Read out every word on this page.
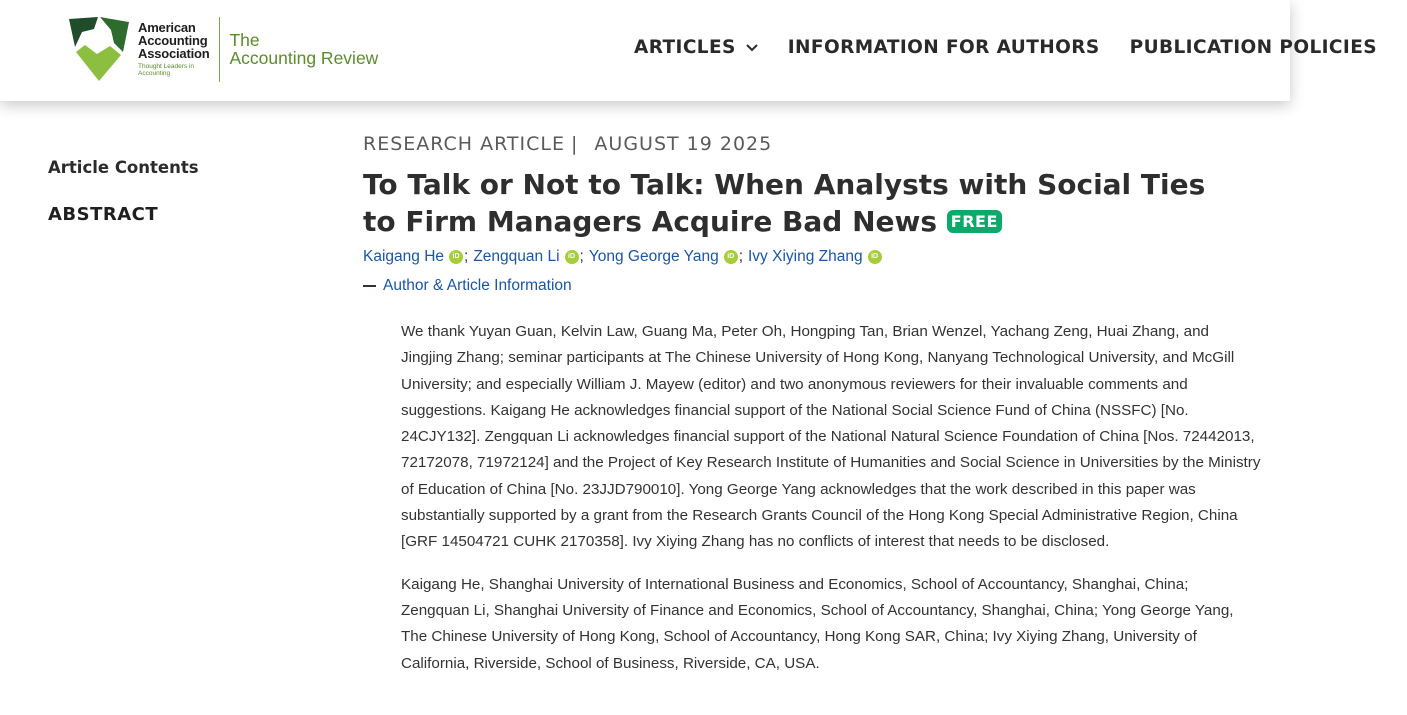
American
Accounting
Association
Thought Leaders in
Accounting
The
Accounting Review	ARTICLES	INFORMATION FOR AUTHORS PUBLICATION POLICIES
Article Contents
ABSTRACT
RESEARCH ARTICLE | AUGUST 19 2025
To Talk or Not to Talk: When Analysts with Social Ties to Firm Managers Acquire Bad News FREE
Kaigang He	iD ; Zengquan Li	iD ; Yong George Yang	iD ; Ivy Xiying Zhang	iD
Author & Article Information

We thank Yuyan Guan, Kelvin Law, Guang Ma, Peter Oh, Hongping Tan, Brian Wenzel, Yachang Zeng, Huai Zhang, and Jingjing Zhang; seminar participants at The Chinese University of Hong Kong, Nanyang Technological University, and McGill University; and especially William J. Mayew (editor) and two anonymous reviewers for their invaluable comments and suggestions. Kaigang He acknowledges financial support of the National Social Science Fund of China (NSSFC) [No. 24CJY132]. Zengquan Li acknowledges financial support of the National Natural Science Foundation of China [Nos. 72442013, 72172078, 71972124] and the Project of Key Research Institute of Humanities and Social Science in Universities by the Ministry of Education of China [No. 23JJD790010]. Yong George Yang acknowledges that the work described in this paper was substantially supported by a grant from the Research Grants Council of the Hong Kong Special Administrative Region, China [GRF 14504721 CUHK 2170358]. Ivy Xiying Zhang has no conflicts of interest that needs to be disclosed.

Kaigang He, Shanghai University of International Business and Economics, School of Accountancy, Shanghai, China; Zengquan Li, Shanghai University of Finance and Economics, School of Accountancy, Shanghai, China; Yong George Yang, The Chinese University of Hong Kong, School of Accountancy, Hong Kong SAR, China; Ivy Xiying Zhang, University of California, Riverside, School of Business, Riverside, CA, USA.
